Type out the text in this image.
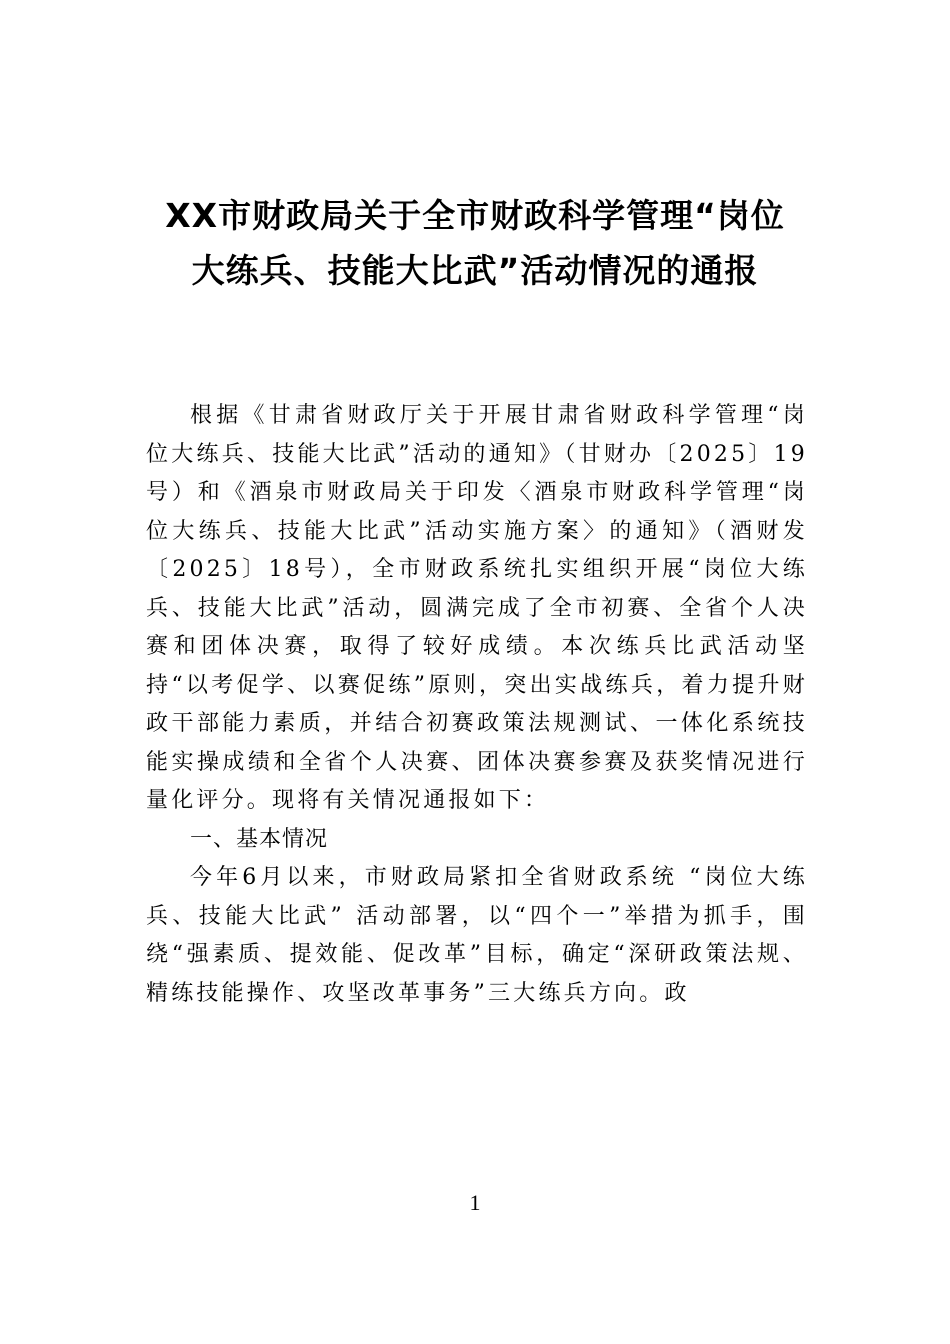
XX市财政局关于全市财政科学管理“岗位
大练兵、技能大比武”活动情况的通报

根据《甘肃省财政厅关于开展甘肃省财政科学管理“岗位大练兵、技能大比武”活动的通知》（甘财办〔2025〕19号）和《酒泉市财政局关于印发〈酒泉市财政科学管理“岗位大练兵、技能大比武”活动实施方案〉的通知》（酒财发〔2025〕18号），全市财政系统扎实组织开展“岗位大练兵、技能大比武”活动，圆满完成了全市初赛、全省个人决赛和团体决赛，取得了较好成绩。本次练兵比武活动坚持“以考促学、以赛促练”原则，突出实战练兵，着力提升财政干部能力素质，并结合初赛政策法规测试、一体化系统技能实操成绩和全省个人决赛、团体决赛参赛及获奖情况进行量化评分。现将有关情况通报如下：

一、基本情况

今年6月以来，市财政局紧扣全省财政系统 “岗位大练兵、技能大比武” 活动部署，以“四个一”举措为抓手，围绕“强素质、提效能、促改革”目标，确定“深研政策法规、精练技能操作、攻坚改革事务”三大练兵方向。政

1
